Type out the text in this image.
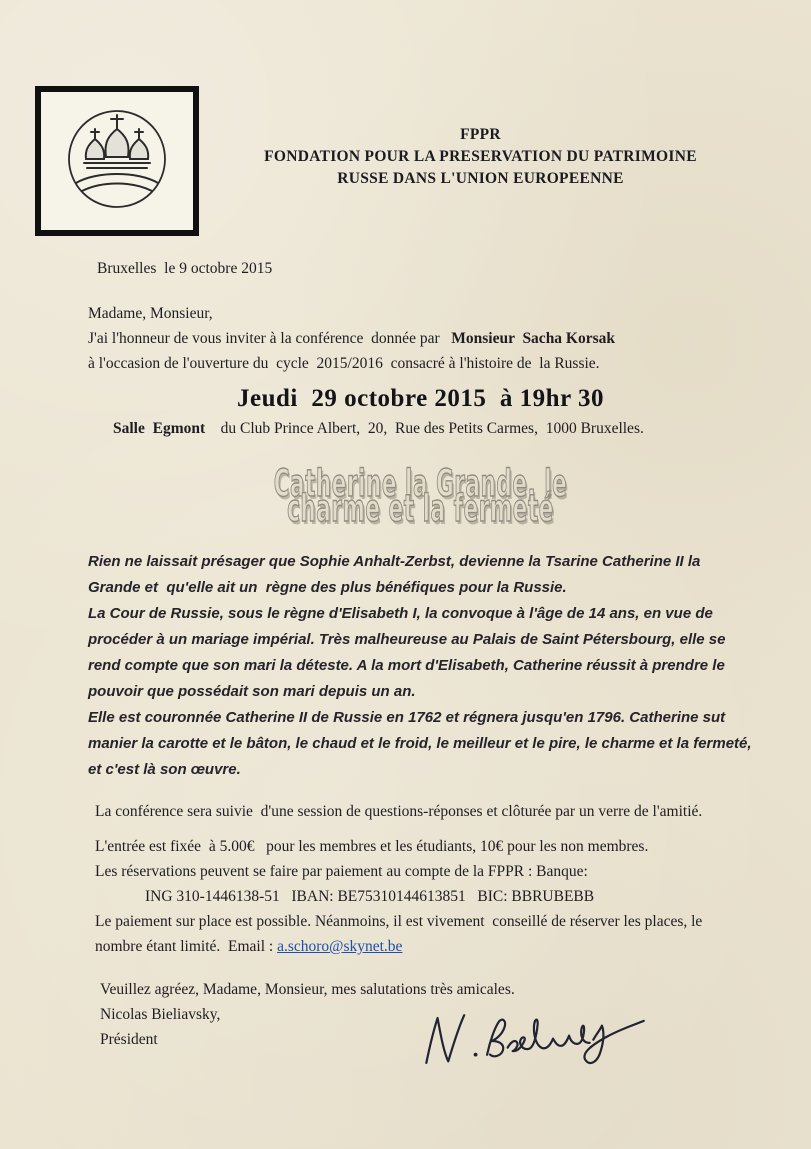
FPPR
FONDATION POUR LA PRESERVATION DU PATRIMOINE
RUSSE DANS L'UNION EUROPEENNE
Bruxelles  le 9 octobre 2015
Madame, Monsieur,
J'ai l'honneur de vous inviter à la conférence  donnée par   Monsieur  Sacha Korsak
à l'occasion de l'ouverture du  cycle  2015/2016  consacré à l'histoire de  la Russie.
Jeudi  29 octobre 2015  à 19hr 30
Salle  Egmont    du Club Prince Albert,  20,  Rue des Petits Carmes,  1000 Bruxelles.
Catherine la Grande, le charme et la fermeté

Rien ne laissait présager que Sophie Anhalt-Zerbst, devienne la Tsarine Catherine II la Grande et  qu'elle ait un  règne des plus bénéfiques pour la Russie.

La Cour de Russie, sous le règne d'Elisabeth I, la convoque à l'âge de 14 ans, en vue de procéder à un mariage impérial. Très malheureuse au Palais de Saint Pétersbourg, elle se rend compte que son mari la déteste. A la mort d'Elisabeth, Catherine réussit à prendre le pouvoir que possédait son mari depuis un an.

Elle est couronnée Catherine II de Russie en 1762 et régnera jusqu'en 1796. Catherine sut manier la carotte et le bâton, le chaud et le froid, le meilleur et le pire, le charme et la fermeté, et c'est là son œuvre.

La conférence sera suivie  d'une session de questions-réponses et clôturée par un verre de l'amitié.
L'entrée est fixée  à 5.00€   pour les membres et les étudiants, 10€ pour les non membres.
Les réservations peuvent se faire par paiement au compte de la FPPR : Banque:
ING 310-1446138-51   IBAN: BE75310144613851   BIC: BBRUBEBB
Le paiement sur place est possible. Néanmoins, il est vivement  conseillé de réserver les places, le nombre étant limité.  Email : a.schoro@skynet.be
Veuillez agréez, Madame, Monsieur, mes salutations très amicales.
Nicolas Bieliavsky,
Président
